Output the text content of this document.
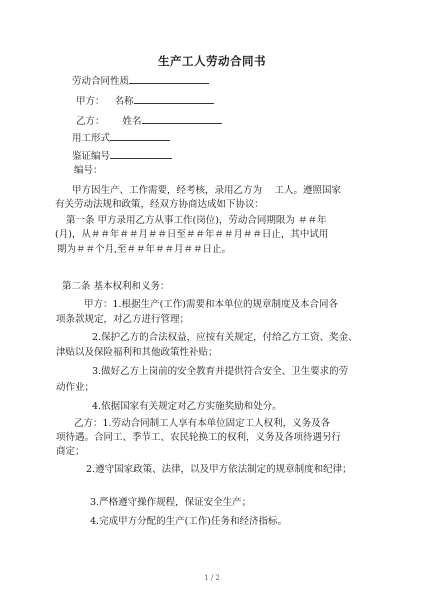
生产工人劳动合同书
劳动合同性质
甲方： 名称
乙方： 姓名
用工形式
鉴证编号
编号：
甲方因生产、工作需要，经考核，录用乙方为　 工人。遵照国家
有关劳动法规和政策，经双方协商达成如下协议：
第一条 甲方录用乙方从事工作(岗位)，劳动合同期限为 ＃＃年
(月)，从＃＃年＃＃月＃＃日至＃＃年＃＃月＃＃日止，其中试用
期为＃＃个月,至＃＃年＃＃月＃＃日止。
第二条 基本权利和义务：
甲方：1.根据生产(工作)需要和本单位的规章制度及本合同各
项条款规定，对乙方进行管理；
2.保护乙方的合法权益，应按有关规定，付给乙方工资、奖金、
津贴以及保险福利和其他政策性补贴；
3.做好乙方上岗前的安全教育并提供符合安全、卫生要求的劳
动作业；
4.依据国家有关规定对乙方实施奖励和处分。
乙方：1.劳动合同制工人享有本单位固定工人权利，义务及各
项待遇。合同工、季节工、农民轮换工的权利，义务及各项待遇另行
商定；
2.遵守国家政策、法律，以及甲方依法制定的规章制度和纪律；
3.严格遵守操作规程，保证安全生产；
4.完成甲方分配的生产(工作)任务和经济指标。
1 / 2
